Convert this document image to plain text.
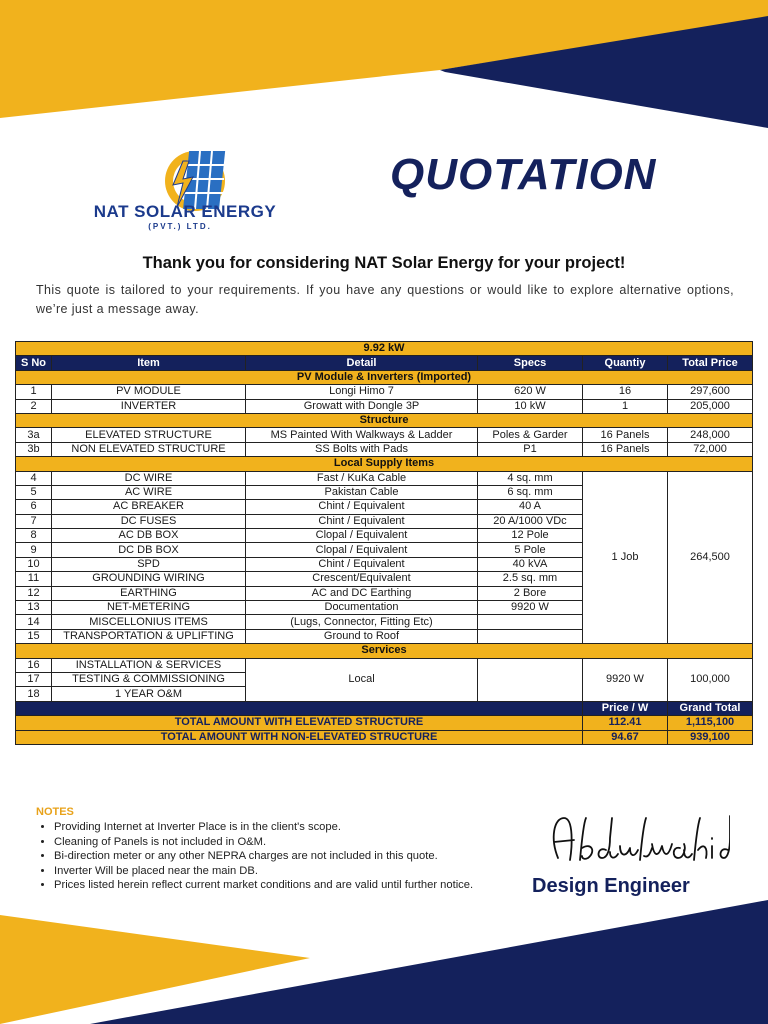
NAT SOLAR ENERGY
(PVT.) LTD.
QUOTATION
Thank you for considering NAT Solar Energy for your project!
This quote is tailored to your requirements. If you have any questions or would like to explore alternative options, we’re just a message away.
9.92 kW					
S No	Item	Detail	Specs	Quantiy	Total Price
PV Module & Inverters (Imported)					
1	PV MODULE	Longi Himo 7	620 W	16	297,600
2	INVERTER	Growatt with Dongle 3P	10 kW	1	205,000
Structure					
3a	ELEVATED STRUCTURE	MS Painted With Walkways & Ladder	Poles & Garder	16 Panels	248,000
3b	NON ELEVATED STRUCTURE	SS Bolts with Pads	P1	16 Panels	72,000
Local Supply Items					
4	DC WIRE	Fast / KuKa Cable	4 sq. mm	1 Job	264,500
5	AC WIRE	Pakistan Cable	6 sq. mm		
6	AC BREAKER	Chint / Equivalent	40 A		
7	DC FUSES	Chint / Equivalent	20 A/1000 VDc		
8	AC DB BOX	Clopal / Equivalent	12 Pole		
9	DC DB BOX	Clopal / Equivalent	5 Pole		
10	SPD	Chint / Equivalent	40 kVA		
11	GROUNDING WIRING	Crescent/Equivalent	2.5 sq. mm		
12	EARTHING	AC and DC Earthing	2 Bore		
13	NET-METERING	Documentation	9920 W		
14	MISCELLONIUS ITEMS	(Lugs, Connector, Fitting Etc)			
15	TRANSPORTATION & UPLIFTING	Ground to Roof			
Services					
16	INSTALLATION & SERVICES	Local		9920 W	100,000
17	TESTING & COMMISSIONING				
18	1 YEAR O&M				
				Price / W	Grand Total
TOTAL AMOUNT WITH ELEVATED STRUCTURE				112.41	1,115,100
TOTAL AMOUNT WITH NON-ELEVATED STRUCTURE				94.67	939,100
NOTES
• Providing Internet at Inverter Place is in the client's scope.
• Cleaning of Panels is not included in O&M.
• Bi-direction meter or any other NEPRA charges are not included in this quote.
• Inverter Will be placed near the main DB.
• Prices listed herein reflect current market conditions and are valid until further notice.	Design Engineer
